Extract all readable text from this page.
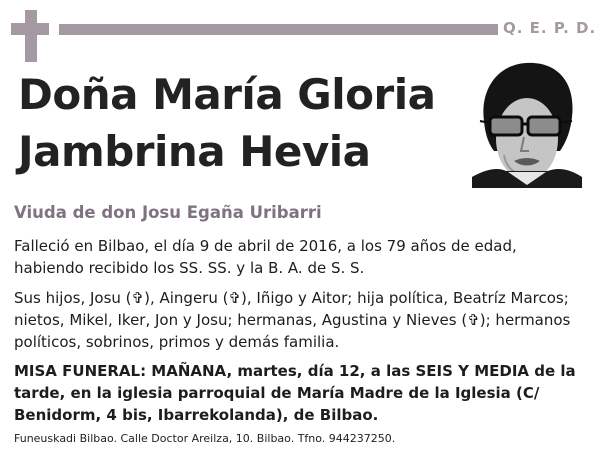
Q. E. P. D.
Doña María Gloria
Jambrina Hevia
Viuda de don Josu Egaña Uribarri
Falleció en Bilbao, el día 9 de abril de 2016, a los 79 años de edad, habiendo recibido los SS. SS. y la B. A. de S. S.
Sus hijos, Josu (✞), Aingeru (✞), Iñigo y Aitor; hija política, Beatríz Marcos; nietos, Mikel, Iker, Jon y Josu; hermanas, Agustina y Nieves (✞); hermanos políticos, sobrinos, primos y demás familia.
MISA FUNERAL: MAÑANA, martes, día 12, a las SEIS Y MEDIA de la tarde, en la iglesia parroquial de María Madre de la Iglesia (C/ Benidorm, 4 bis, Ibarrekolanda), de Bilbao.
Funeuskadi Bilbao. Calle Doctor Areilza, 10. Bilbao. Tfno. 944237250.
